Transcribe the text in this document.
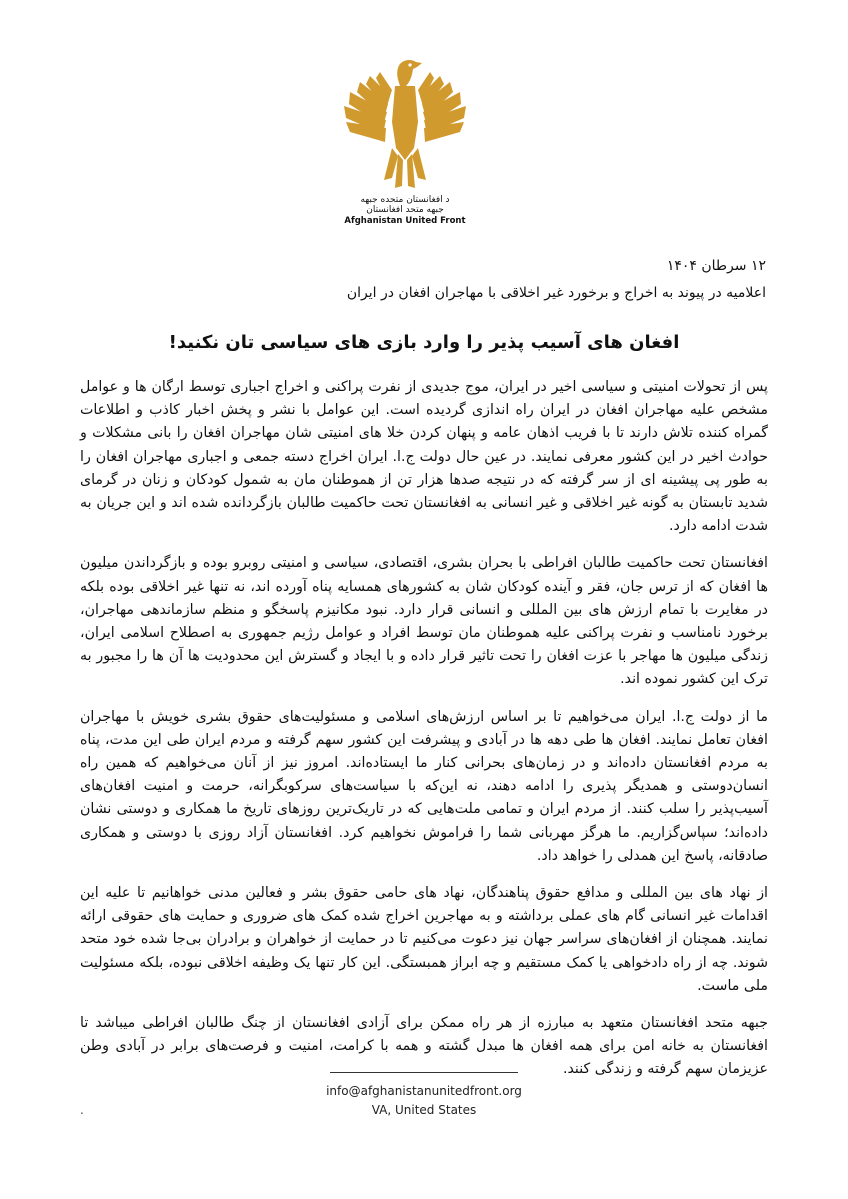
د افغانستان متحده جبهه
جبهه متحد افغانستان
Afghanistan United Front
۱۲ سرطان ۱۴۰۴
اعلامیه در پیوند به اخراج و برخورد غیر اخلاقی با مهاجران افغان در ایران
افغان های آسیب پذیر را وارد بازی های سیاسی تان نکنید!

پس از تحولات امنیتی و سیاسی اخیر در ایران، موج جدیدی از نفرت پراکنی و اخراج اجباری توسط ارگان ها و عوامل مشخص علیه مهاجران افغان در ایران راه اندازی گردیده است. این عوامل با نشر و پخش اخبار کاذب و اطلاعات گمراه کننده تلاش دارند تا با فریب اذهان عامه و پنهان کردن خلا های امنیتی شان مهاجران افغان را بانی مشکلات و حوادث اخیر در این کشور معرفی نمایند. در عین حال دولت ج.ا. ایران اخراج دسته جمعی و اجباری مهاجران افغان را به طور پی پیشینه ای از سر گرفته که در نتیجه صدها هزار تن از هموطنان مان به شمول کودکان و زنان در گرمای شدید تابستان به گونه غیر اخلاقی و غیر انسانی به افغانستان تحت حاکمیت طالبان بازگردانده شده اند و این جریان به شدت ادامه دارد.

افغانستان تحت حاکمیت طالبان افراطی با بحران بشری، اقتصادی، سیاسی و امنیتی روبرو بوده و بازگرداندن میلیون ها افغان که از ترس جان، فقر و آینده کودکان شان به کشورهای همسایه پناه آورده اند، نه تنها غیر اخلاقی بوده بلکه در مغایرت با تمام ارزش های بین المللی و انسانی قرار دارد. نبود مکانیزم پاسخگو و منظم سازماندهی مهاجران، برخورد نامناسب و نفرت پراکنی علیه هموطنان مان توسط افراد و عوامل رژیم جمهوری به اصطلاح اسلامی ایران، زندگی میلیون ها مهاجر با عزت افغان را تحت تاثیر قرار داده و با ایجاد و گسترش این محدودیت ها آن ها را مجبور به ترک این کشور نموده اند.

ما از دولت ج.ا. ایران می‌خواهیم تا بر اساس ارزش‌های اسلامی و مسئولیت‌های حقوق بشری خویش با مهاجران افغان تعامل نمایند. افغان ها طی دهه ها در آبادی و پیشرفت این کشور سهم گرفته و مردم ایران طی این مدت، پناه به مردم افغانستان داده‌اند و در زمان‌های بحرانی کنار ما ایستاده‌اند. امروز نیز از آنان می‌خواهیم که همین راه انسان‌دوستی و همدیگر پذیری را ادامه دهند، نه این‌که با سیاست‌های سرکوبگرانه، حرمت و امنیت افغان‌های آسیب‌پذیر را سلب کنند. از مردم ایران و تمامی ملت‌هایی که در تاریک‌ترین روزهای تاریخ ما همکاری و دوستی نشان داده‌اند؛ سپاس‌گزاریم. ما هرگز مهربانی شما را فراموش نخواهیم کرد. افغانستان آزاد روزی با دوستی و همکاری صادقانه، پاسخ این همدلی را خواهد داد.

از نهاد های بین المللی و مدافع حقوق پناهندگان، نهاد های حامی حقوق بشر و فعالین مدنی خواهانیم تا علیه این اقدامات غیر انسانی گام های عملی برداشته و به مهاجرین اخراج شده کمک های ضروری و حمایت های حقوقی ارائه نمایند. همچنان از افغان‌های سراسر جهان نیز دعوت می‌کنیم تا در حمایت از خواهران و برادران بی‌جا شده خود متحد شوند. چه از راه دادخواهی یا کمک مستقیم و چه ابراز همبستگی. این کار تنها یک وظیفه اخلاقی نبوده، بلکه مسئولیت ملی ماست.

جبهه متحد افغانستان متعهد به مبارزه از هر راه ممکن برای آزادی افغانستان از چنگ طالبان افراطی میباشد تا افغانستان به خانه امن برای همه افغان ها مبدل گشته و همه با کرامت، امنیت و فرصت‌های برابر در آبادی وطن عزیزمان سهم گرفته و زندگی کنند.

info@afghanistanunitedfront.org
VA, United States
.
